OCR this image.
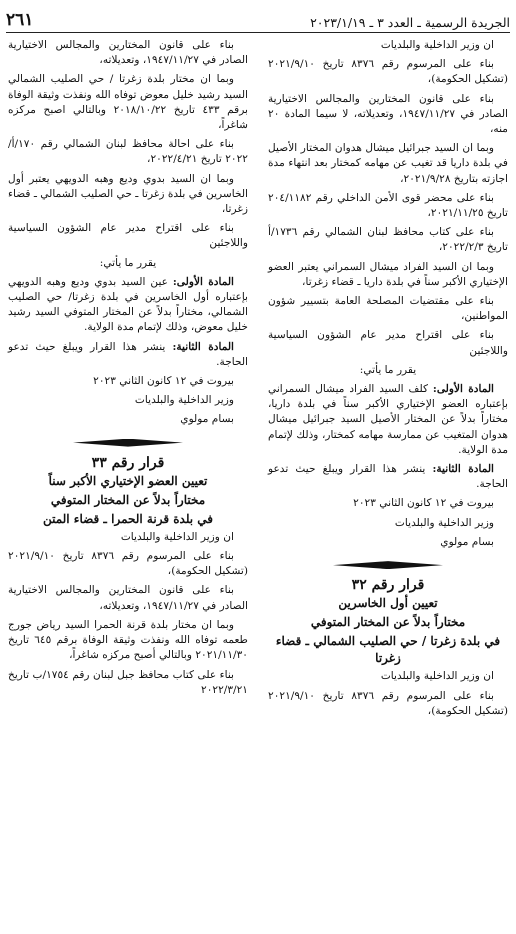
الجريدة الرسمية ـ العدد ٣ ـ ٢٠٢٣/١/١٩
٢٦١

ان وزير الداخلية والبلديات

بناء على المرسوم رقم ٨٣٧٦ تاريخ ٢٠٢١/٩/١٠ (تشكيل الحكومة)،

بناء على قانون المختارين والمجالس الاختيارية الصادر في ١٩٤٧/١١/٢٧، وتعديلاته، لا سيما المادة ٢٠ منه،

وبما ان السيد جبرائيل ميشال هدوان المختار الأصيل في بلدة داريا قد تغيب عن مهامه كمختار بعد انتهاء مدة اجازته بتاريخ ٢٠٢١/٩/٢٨،

بناء على محضر قوى الأمن الداخلي رقم ٢٠٤/١١٨٢ تاريخ ٢٠٢١/١١/٢٥،

بناء على كتاب محافظ لبنان الشمالي رقم ١٧٣٦/أ تاريخ ٢٠٢٢/٢/٣،

وبما ان السيد الفراد ميشال السمراني يعتبر العضو الإختياري الأكبر سناً في بلدة داريا ـ قضاء زغرتا،

بناء على مقتضيات المصلحة العامة بتسيير شؤون المواطنين،

بناء على اقتراح مدير عام الشؤون السياسية واللاجئين

يقرر ما يأتي:

المادة الأولى: كلف السيد الفراد ميشال السمراني بإعتباره العضو الإختياري الأكبر سناً في بلدة داريا، مختاراً بدلاً عن المختار الأصيل السيد جبرائيل ميشال هدوان المتغيب عن ممارسة مهامه كمختار، وذلك لإتمام مدة الولاية.

المادة الثانية: ينشر هذا القرار ويبلغ حيث تدعو الحاجة.

بيروت في ١٢ كانون الثاني ٢٠٢٣

وزير الداخلية والبلديات

بسام مولوي

قرار رقم ٣٢

تعيين أول الخاسرين

مختاراً بدلاً عن المختار المتوفي

في بلدة زغرتا / حي الصليب الشمالي ـ قضاء زغرتا

ان وزير الداخلية والبلديات

بناء على المرسوم رقم ٨٣٧٦ تاريخ ٢٠٢١/٩/١٠ (تشكيل الحكومة)،

بناء على قانون المختارين والمجالس الاختيارية الصادر في ١٩٤٧/١١/٢٧، وتعديلاته،

وبما ان مختار بلدة زغرتا / حي الصليب الشمالي السيد رشيد خليل معوض توفاه الله ونفذت وثيقة الوفاة برقم ٤٣٣ تاريخ ٢٠١٨/١٠/٢٢ وبالتالي اصبح مركزه شاغراً،

بناء على احالة محافظ لبنان الشمالي رقم ١٧٠/أ/٢٠٢٢ تاريخ ٢٠٢٢/٤/٢١،

وبما ان السيد بدوي وديع وهبه الدويهي يعتبر أول الخاسرين في بلدة زغرتا ـ حي الصليب الشمالي ـ قضاء زغرتا،

بناء على اقتراح مدير عام الشؤون السياسية واللاجئين

يقرر ما يأتي:

المادة الأولى: عين السيد بدوي وديع وهبه الدويهي بإعتباره أول الخاسرين في بلدة زغرتا/ حي الصليب الشمالي، مختاراً بدلاً عن المختار المتوفي السيد رشيد خليل معوض، وذلك لإتمام مدة الولاية.

المادة الثانية: ينشر هذا القرار ويبلغ حيث تدعو الحاجة.

بيروت في ١٢ كانون الثاني ٢٠٢٣

وزير الداخلية والبلديات

بسام مولوي

قرار رقم ٣٣

تعيين العضو الإختياري الأكبر سناً

مختاراً بدلاً عن المختار المتوفي

في بلدة قرنة الحمرا ـ قضاء المتن

ان وزير الداخلية والبلديات

بناء على المرسوم رقم ٨٣٧٦ تاريخ ٢٠٢١/٩/١٠ (تشكيل الحكومة)،

بناء على قانون المختارين والمجالس الاختيارية الصادر في ١٩٤٧/١١/٢٧، وتعديلاته،

وبما ان مختار بلدة قرنة الحمرا السيد رياض جورج طعمه توفاه الله ونفذت وثيقة الوفاة برقم ٦٤٥ تاريخ ٢٠٢١/١١/٣٠ وبالتالي أصبح مركزه شاغراً،

بناء على كتاب محافظ جبل لبنان رقم ١٧٥٤/ب تاريخ ٢٠٢٢/٣/٢١
